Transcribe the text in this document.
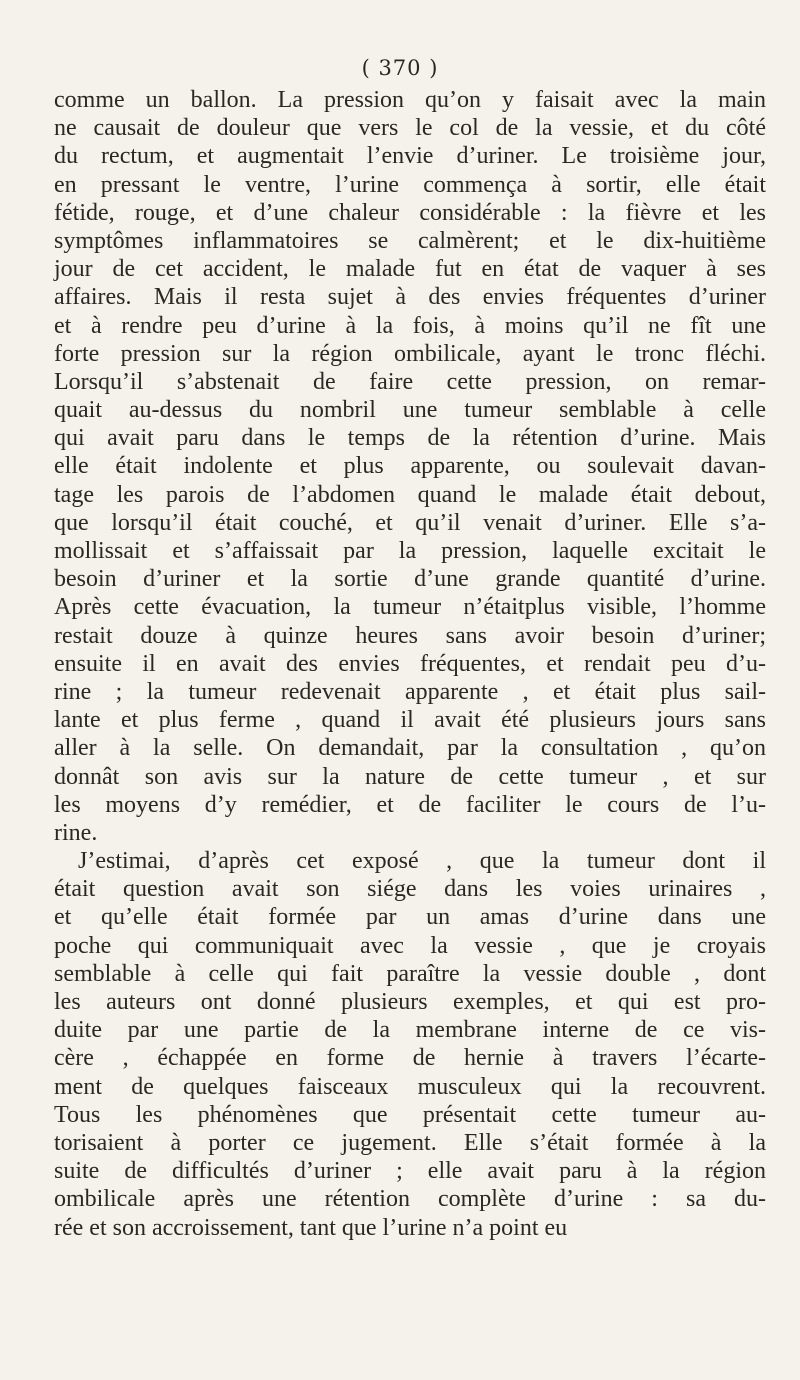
( 370 )
comme un ballon. La pression qu’on y faisait avec la main
ne causait de douleur que vers le col de la vessie, et du côté
du rectum, et augmentait l’envie d’uriner. Le troisième jour,
en pressant le ventre, l’urine commença à sortir, elle était
fétide, rouge, et d’une chaleur considérable : la fièvre et les
symptômes inflammatoires se calmèrent; et le dix-huitième
jour de cet accident, le malade fut en état de vaquer à ses
affaires. Mais il resta sujet à des envies fréquentes d’uriner
et à rendre peu d’urine à la fois, à moins qu’il ne fît une
forte pression sur la région ombilicale, ayant le tronc fléchi.
Lorsqu’il s’abstenait de faire cette pression, on remar-
quait au-dessus du nombril une tumeur semblable à celle
qui avait paru dans le temps de la rétention d’urine. Mais
elle était indolente et plus apparente, ou soulevait davan-
tage les parois de l’abdomen quand le malade était debout,
que lorsqu’il était couché, et qu’il venait d’uriner. Elle s’a-
mollissait et s’affaissait par la pression, laquelle excitait le
besoin d’uriner et la sortie d’une grande quantité d’urine.
Après cette évacuation, la tumeur n’étaitplus visible, l’homme
restait douze à quinze heures sans avoir besoin d’uriner;
ensuite il en avait des envies fréquentes, et rendait peu d’u-
rine ; la tumeur redevenait apparente , et était plus sail-
lante et plus ferme , quand il avait été plusieurs jours sans
aller à la selle. On demandait, par la consultation , qu’on
donnât son avis sur la nature de cette tumeur , et sur
les moyens d’y remédier, et de faciliter le cours de l’u-
rine.
J’estimai, d’après cet exposé , que la tumeur dont il
était question avait son siége dans les voies urinaires ,
et qu’elle était formée par un amas d’urine dans une
poche qui communiquait avec la vessie , que je croyais
semblable à celle qui fait paraître la vessie double , dont
les auteurs ont donné plusieurs exemples, et qui est pro-
duite par une partie de la membrane interne de ce vis-
cère , échappée en forme de hernie à travers l’écarte-
ment de quelques faisceaux musculeux qui la recouvrent.
Tous les phénomènes que présentait cette tumeur au-
torisaient à porter ce jugement. Elle s’était formée à la
suite de difficultés d’uriner ; elle avait paru à la région
ombilicale après une rétention complète d’urine : sa du-
rée et son accroissement, tant que l’urine n’a point eu
